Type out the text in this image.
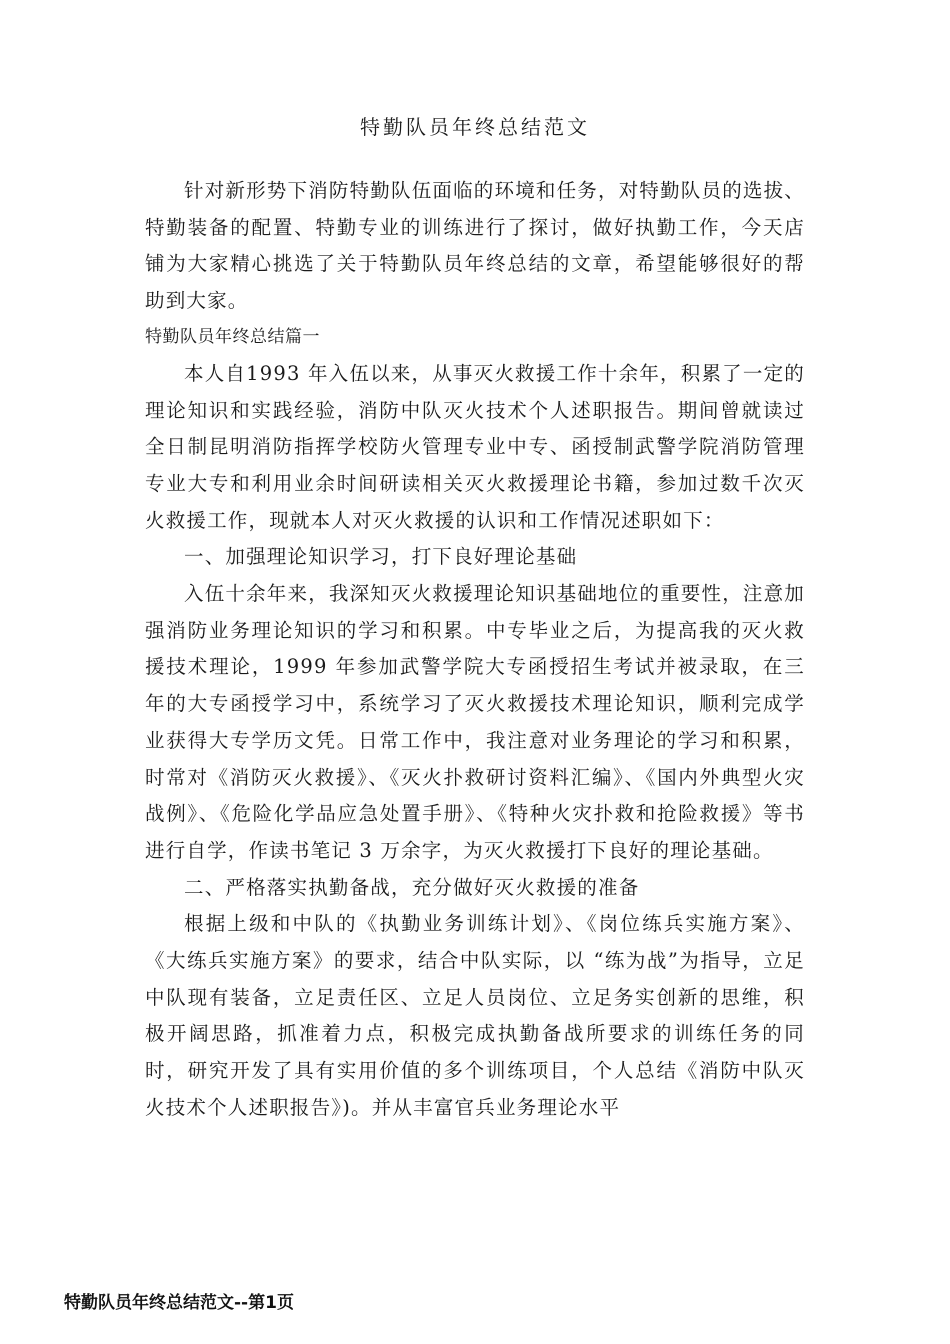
特勤队员年终总结范文

针对新形势下消防特勤队伍面临的环境和任务，对特勤队员的选拔、特勤装备的配置、特勤专业的训练进行了探讨，做好执勤工作，今天店铺为大家精心挑选了关于特勤队员年终总结的文章，希望能够很好的帮助到大家。

特勤队员年终总结篇一

本人自1993 年入伍以来，从事灭火救援工作十余年，积累了一定的理论知识和实践经验，消防中队灭火技术个人述职报告。期间曾就读过全日制昆明消防指挥学校防火管理专业中专、函授制武警学院消防管理专业大专和利用业余时间研读相关灭火救援理论书籍，参加过数千次灭火救援工作，现就本人对灭火救援的认识和工作情况述职如下：

一、加强理论知识学习，打下良好理论基础

入伍十余年来，我深知灭火救援理论知识基础地位的重要性，注意加强消防业务理论知识的学习和积累。中专毕业之后，为提高我的灭火救援技术理论，1999 年参加武警学院大专函授招生考试并被录取，在三年的大专函授学习中，系统学习了灭火救援技术理论知识，顺利完成学业获得大专学历文凭。日常工作中，我注意对业务理论的学习和积累，时常对《消防灭火救援》、《灭火扑救研讨资料汇编》、《国内外典型火灾战例》、《危险化学品应急处置手册》、《特种火灾扑救和抢险救援》等书进行自学，作读书笔记 3 万余字，为灭火救援打下良好的理论基础。

二、严格落实执勤备战，充分做好灭火救援的准备

根据上级和中队的《执勤业务训练计划》、《岗位练兵实施方案》、《大练兵实施方案》的要求，结合中队实际，以 “练为战”为指导，立足中队现有装备，立足责任区、立足人员岗位、立足务实创新的思维，积极开阔思路，抓准着力点，积极完成执勤备战所要求的训练任务的同时，研究开发了具有实用价值的多个训练项目，个人总结《消防中队灭火技术个人述职报告》)。并从丰富官兵业务理论水平

特勤队员年终总结范文--第1页
